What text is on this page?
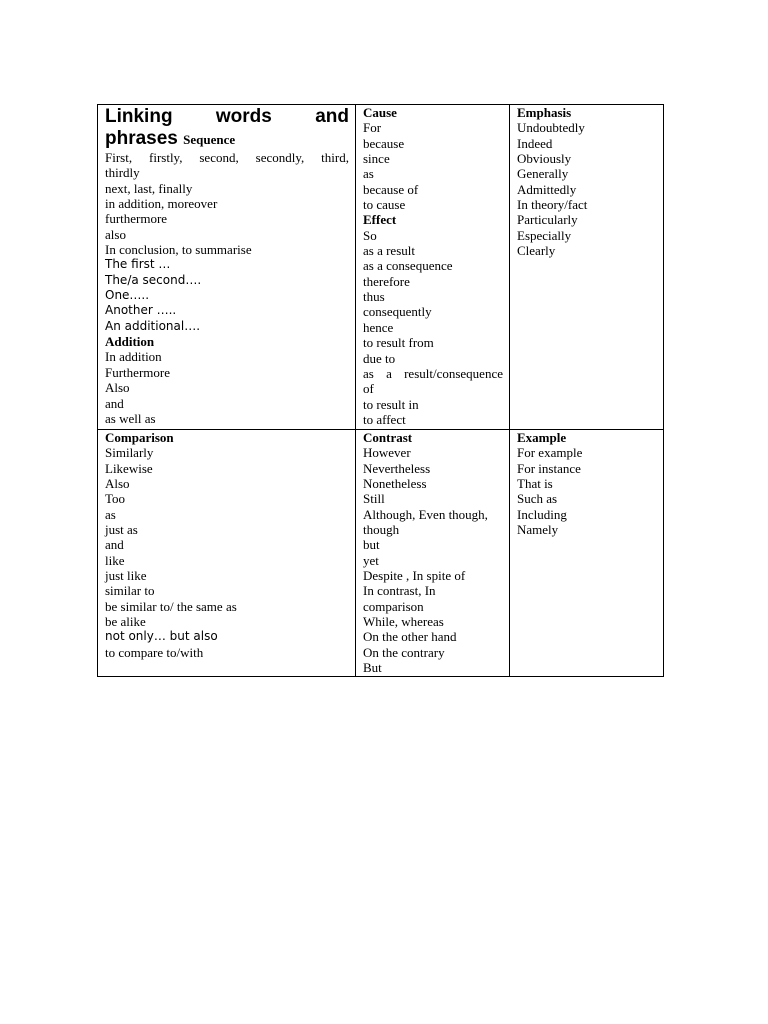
Linking words and
phrases Sequence
First, firstly, second, secondly, third,
thirdly
next, last, finally
in addition, moreover
furthermore
also
In conclusion, to summarise
The first …
The/a second….
One…..
Another …..
An additional….
Addition
In addition
Furthermore
Also
and
as well as
Cause
For
because
since
as
because of
to cause
Effect
So
as a result
as a consequence
therefore
thus
consequently
hence
to result from
due to
as a result/consequence
of
to result in
to affect
Emphasis
Undoubtedly
Indeed
Obviously
Generally
Admittedly
In theory/fact
Particularly
Especially
Clearly
Comparison
Similarly
Likewise
Also
Too
as
just as
and
like
just like
similar to
be similar to/ the same as
be alike
not only… but also
to compare to/with
Contrast
However
Nevertheless
Nonetheless
Still
Although, Even though,
though
but
yet
Despite , In spite of
In contrast, In
comparison
While, whereas
On the other hand
On the contrary
But
Example
For example
For instance
That is
Such as
Including
Namely
